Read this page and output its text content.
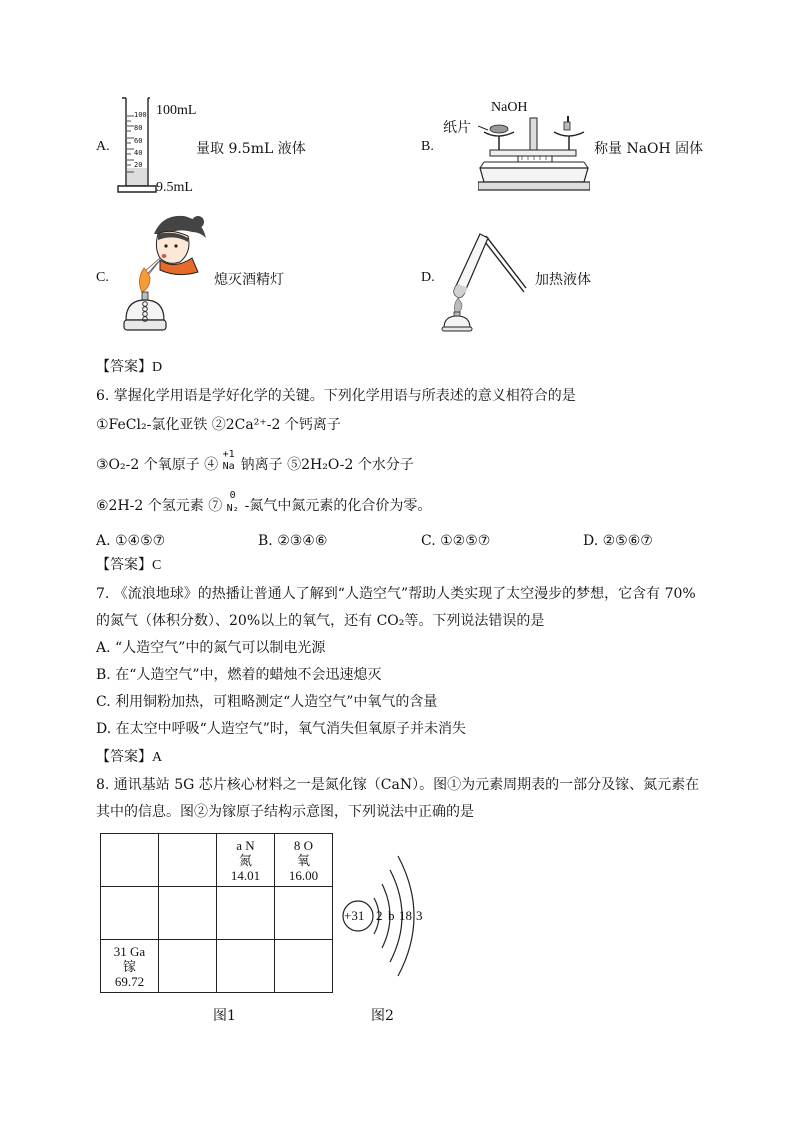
A.
100
80
60
40
20
100mL
9.5mL
量取 9.5mL 液体	B.
NaOH
纸片
称量 NaOH 固体
C.	熄灭酒精灯	D.	加热液体
【答案】D
6. 掌握化学用语是学好化学的关键。下列化学用语与所表述的意义相符合的是
①FeCl₂-氯化亚铁 ②2Ca²⁺-2 个钙离子
③O₂-2 个氧原子 ④
+1
Na 钠离子 ⑤2H₂O-2 个水分子
⑥2H-2 个氢元素 ⑦
0
N₂ -氮气中氮元素的化合价为零。
A. ①④⑤⑦	B. ②③④⑥	C. ①②⑤⑦	D. ②⑤⑥⑦
【答案】C
7. 《流浪地球》的热播让普通人了解到“人造空气”帮助人类实现了太空漫步的梦想，它含有 70%
的氮气（体积分数）、20%以上的氧气，还有 CO₂等。下列说法错误的是
A. “人造空气”中的氮气可以制电光源
B. 在“人造空气”中，燃着的蜡烛不会迅速熄灭
C. 利用铜粉加热，可粗略测定“人造空气”中氧气的含量
D. 在太空中呼吸“人造空气”时，氧气消失但氧原子并未消失
【答案】A
8. 通讯基站 5G 芯片核心材料之一是氮化镓（CaN）。图①为元素周期表的一部分及镓、氮元素在
其中的信息。图②为镓原子结构示意图，下列说法中正确的是

		a N
氮
14.01	8 O
氧
16.00

31 Ga
镓
69.72			

+31 2 b 18 3
图1	图2
